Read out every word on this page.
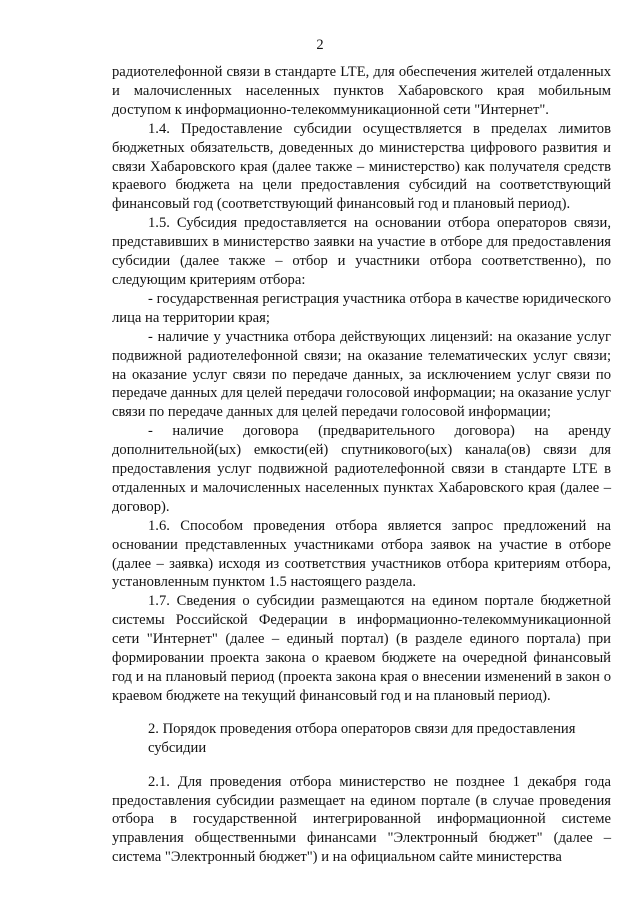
2

радиотелефонной связи в стандарте LTE, для обеспечения жителей отдаленных и малочисленных населенных пунктов Хабаровского края мобильным доступом к информационно-телекоммуникационной сети "Интернет".

1.4. Предоставление субсидии осуществляется в пределах лимитов бюджетных обязательств, доведенных до министерства цифрового развития и связи Хабаровского края (далее также – министерство) как получателя средств краевого бюджета на цели предоставления субсидий на соответствующий финансовый год (соответствующий финансовый год и плановый период).

1.5. Субсидия предоставляется на основании отбора операторов связи, представивших в министерство заявки на участие в отборе для предоставления субсидии (далее также – отбор и участники отбора соответственно), по следующим критериям отбора:

- государственная регистрация участника отбора в качестве юридического лица на территории края;

- наличие у участника отбора действующих лицензий: на оказание услуг подвижной радиотелефонной связи; на оказание телематических услуг связи; на оказание услуг связи по передаче данных, за исключением услуг связи по передаче данных для целей передачи голосовой информации; на оказание услуг связи по передаче данных для целей передачи голосовой информации;

- наличие договора (предварительного договора) на аренду дополнительной(ых) емкости(ей) спутникового(ых) канала(ов) связи для предоставления услуг подвижной радиотелефонной связи в стандарте LTE в отдаленных и малочисленных населенных пунктах Хабаровского края (далее – договор).

1.6. Способом проведения отбора является запрос предложений на основании представленных участниками отбора заявок на участие в отборе (далее – заявка) исходя из соответствия участников отбора критериям отбора, установленным пунктом 1.5 настоящего раздела.

1.7. Сведения о субсидии размещаются на едином портале бюджетной системы Российской Федерации в информационно-телекоммуникационной сети "Интернет" (далее – единый портал) (в разделе единого портала) при формировании проекта закона о краевом бюджете на очередной финансовый год и на плановый период (проекта закона края о внесении изменений в закон о краевом бюджете на текущий финансовый год и на плановый период).

2. Порядок проведения отбора операторов связи для предоставления субсидии

2.1. Для проведения отбора министерство не позднее 1 декабря года предоставления субсидии размещает на едином портале (в случае проведения отбора в государственной интегрированной информационной системе управления общественными финансами "Электронный бюджет" (далее – система "Электронный бюджет") и на официальном сайте министерства
